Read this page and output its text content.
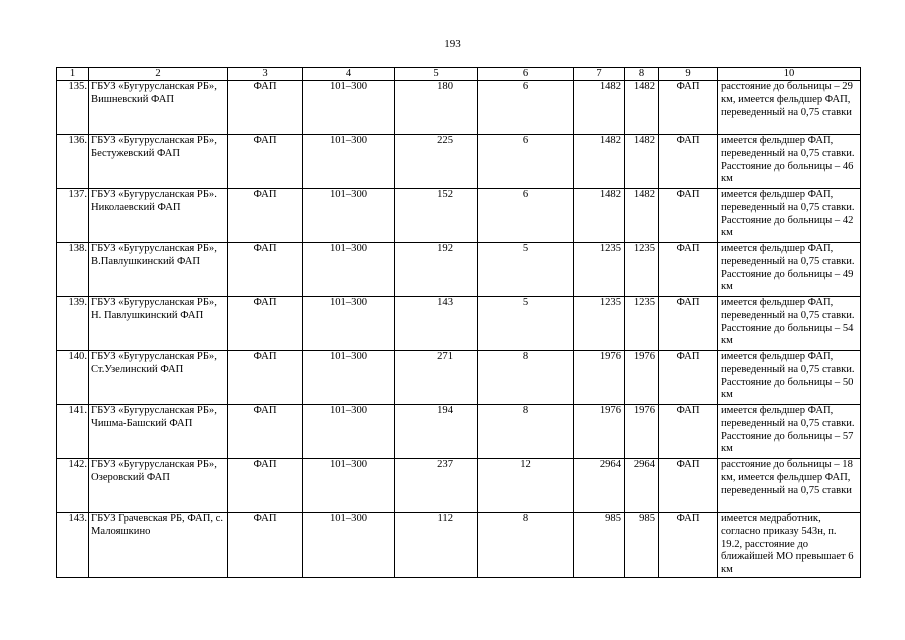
193
1	2	3	4	5	6	7	8	9	10
135.	ГБУЗ «Бугурусланская РБ», Вишневский ФАП	ФАП	101–300	180	6	1482	1482	ФАП	расстояние до больницы – 29 км, имеется фельдшер ФАП, переведенный на 0,75 ставки
136.	ГБУЗ «Бугурусланская РБ», Бестужевский ФАП	ФАП	101–300	225	6	1482	1482	ФАП	имеется фельдшер ФАП, переведенный на 0,75 ставки. Расстояние до больницы – 46 км
137.	ГБУЗ «Бугурусланская РБ». Николаевский ФАП	ФАП	101–300	152	6	1482	1482	ФАП	имеется фельдшер ФАП, переведенный на 0,75 ставки. Расстояние до больницы – 42 км
138.	ГБУЗ «Бугурусланская РБ», В.Павлушкинский ФАП	ФАП	101–300	192	5	1235	1235	ФАП	имеется фельдшер ФАП, переведенный на 0,75 ставки. Расстояние до больницы – 49 км
139.	ГБУЗ «Бугурусланская РБ», Н. Павлушкинский ФАП	ФАП	101–300	143	5	1235	1235	ФАП	имеется фельдшер ФАП, переведенный на 0,75 ставки. Расстояние до больницы – 54 км
140.	ГБУЗ «Бугурусланская РБ», Ст.Узелинский ФАП	ФАП	101–300	271	8	1976	1976	ФАП	имеется фельдшер ФАП, переведенный на 0,75 ставки. Расстояние до больницы – 50 км
141.	ГБУЗ «Бугурусланская РБ», Чишма-Башский ФАП	ФАП	101–300	194	8	1976	1976	ФАП	имеется фельдшер ФАП, переведенный на 0,75 ставки. Расстояние до больницы – 57 км
142.	ГБУЗ «Бугурусланская РБ», Озеровский ФАП	ФАП	101–300	237	12	2964	2964	ФАП	расстояние до больницы – 18 км, имеется фельдшер ФАП, переведенный на 0,75 ставки
143.	ГБУЗ Грачевская РБ, ФАП, с. Малояшкино	ФАП	101–300	112	8	985	985	ФАП	имеется медработник, согласно приказу 543н, п. 19.2, расстояние до ближайшей МО превышает 6 км
